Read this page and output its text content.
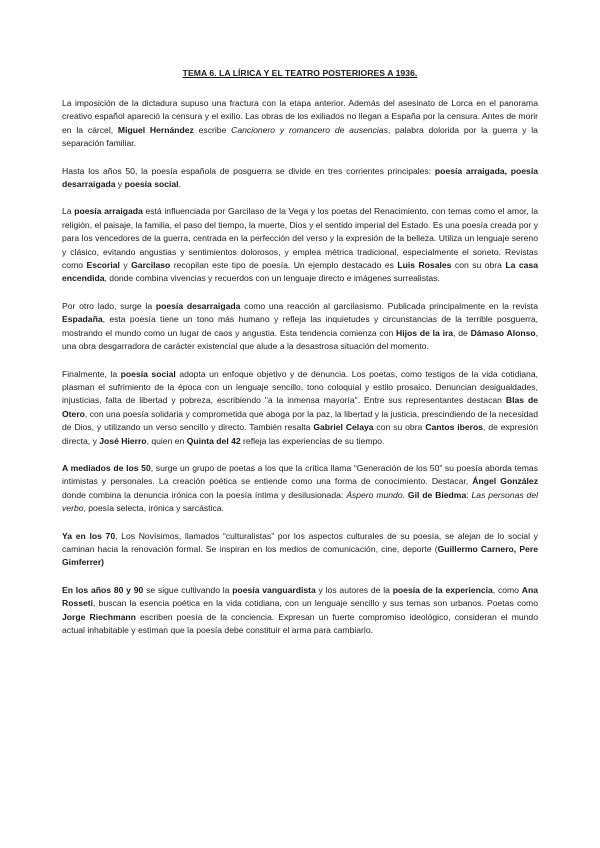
TEMA 6. LA LÍRICA Y EL TEATRO POSTERIORES A 1936.

La imposición de la dictadura supuso una fractura con la etapa anterior. Además del asesinato de Lorca en el panorama creativo español apareció la censura y el exilio. Las obras de los exiliados no llegan a España por la censura. Antes de morir en la cárcel, Miguel Hernández escribe Cancionero y romancero de ausencias, palabra dolorida por la guerra y la separación familiar.

Hasta los años 50, la poesía española de posguerra se divide en tres corrientes principales: poesía arraigada, poesía desarraigada y poesía social.

La poesía arraigada está influenciada por Garcilaso de la Vega y los poetas del Renacimiento, con temas como el amor, la religión, el paisaje, la familia, el paso del tiempo, la muerte, Dios y el sentido imperial del Estado. Es una poesía creada por y para los vencedores de la guerra, centrada en la perfección del verso y la expresión de la belleza. Utiliza un lenguaje sereno y clásico, evitando angustias y sentimientos dolorosos, y emplea métrica tradicional, especialmente el soneto. Revistas como Escorial y Garcilaso recopilan este tipo de poesía. Un ejemplo destacado es Luis Rosales con su obra La casa encendida, donde combina vivencias y recuerdos con un lenguaje directo e imágenes surrealistas.

Por otro lado, surge la poesía desarraigada como una reacción al garcilasismo. Publicada principalmente en la revista Espadaña, esta poesía tiene un tono más humano y refleja las inquietudes y circunstancias de la terrible posguerra, mostrando el mundo como un lugar de caos y angustia. Esta tendencia comienza con Hijos de la ira, de Dámaso Alonso, una obra desgarradora de carácter existencial que alude a la desastrosa situación del momento.

Finalmente, la poesía social adopta un enfoque objetivo y de denuncia. Los poetas, como testigos de la vida cotidiana, plasman el sufrimiento de la época con un lenguaje sencillo, tono coloquial y estilo prosaico. Denuncian desigualdades, injusticias, falta de libertad y pobreza, escribiendo "a la inmensa mayoría". Entre sus representantes destacan Blas de Otero, con una poesía solidaria y comprometida que aboga por la paz, la libertad y la justicia, prescindiendo de la necesidad de Dios, y utilizando un verso sencillo y directo. También resalta Gabriel Celaya con su obra Cantos iberos, de expresión directa, y José Hierro, quien en Quinta del 42 refleja las experiencias de su tiempo.

A mediados de los 50, surge un grupo de poetas a los que la crítica llama “Generación de los 50” su poesía aborda temas intimistas y personales. La creación poética se entiende como una forma de conocimiento. Destacar, Ángel González donde combina la denuncia irónica con la poesía íntima y desilusionada: Áspero mundo. Gil de Biedma: Las personas del verbo, poesía selecta, irónica y sarcástica.

Ya en los 70, Los Novísimos, llamados “culturalistas” por los aspectos culturales de su poesía, se alejan de lo social y caminan hacia la renovación formal. Se inspiran en los medios de comunicación, cine, deporte (Guillermo Carnero, Pere Gimferrer)

En los años 80 y 90 se sigue cultivando la poesía vanguardista y los autores de la poesía de la experiencia, como Ana Rosseti, buscan la esencia poética en la vida cotidiana, con un lenguaje sencillo y sus temas son urbanos. Poetas como Jorge Riechmann escriben poesía de la conciencia. Expresan un fuerte compromiso ideológico, consideran el mundo actual inhabitable y estiman que la poesía debe constituir el arma para cambiarlo.
